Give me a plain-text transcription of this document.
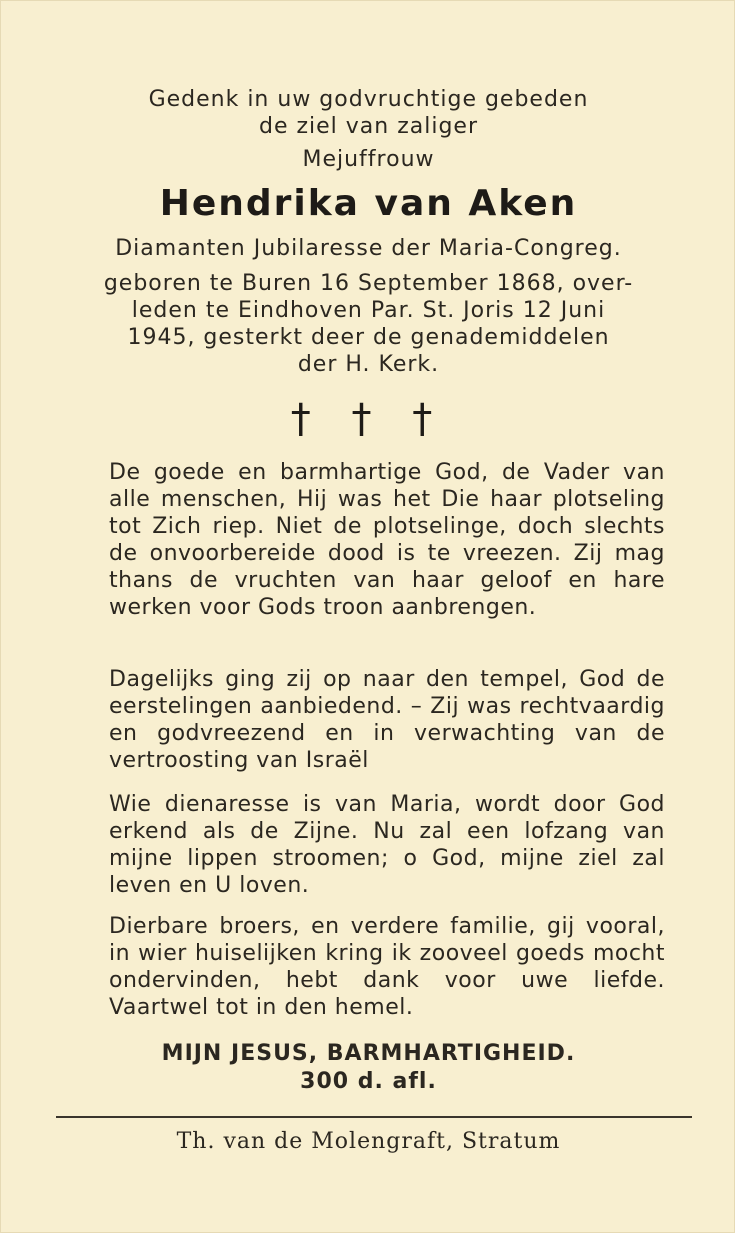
Gedenk in uw godvruchtige gebeden
de ziel van zaliger
Mejuffrouw
Hendrika van Aken
Diamanten Jubilaresse der Maria-Congreg.
geboren te Buren 16 September 1868, over-
leden te Eindhoven Par. St. Joris 12 Juni
1945, gesterkt deer de genademiddelen
der H. Kerk.
† † †

De goede en barmhartige God, de Vader van alle menschen, Hij was het Die haar plotseling tot Zich riep. Niet de plotselinge, doch slechts de onvoorbereide dood is te vreezen. Zij mag thans de vruchten van haar geloof en hare werken voor Gods troon aanbrengen.

Dagelijks ging zij op naar den tempel, God de eerstelingen aanbiedend. – Zij was rechtvaardig en godvreezend en in verwachting van de vertroosting van Israël

Wie dienaresse is van Maria, wordt door God erkend als de Zijne. Nu zal een lofzang van mijne lippen stroomen; o God, mijne ziel zal leven en U loven.

Dierbare broers, en verdere familie, gij vooral, in wier huiselijken kring ik zooveel goeds mocht ondervinden, hebt dank voor uwe liefde. Vaartwel tot in den hemel.

MIJN JESUS, BARMHARTIGHEID.
300 d. afl.
Th. van de Molengraft, Stratum
